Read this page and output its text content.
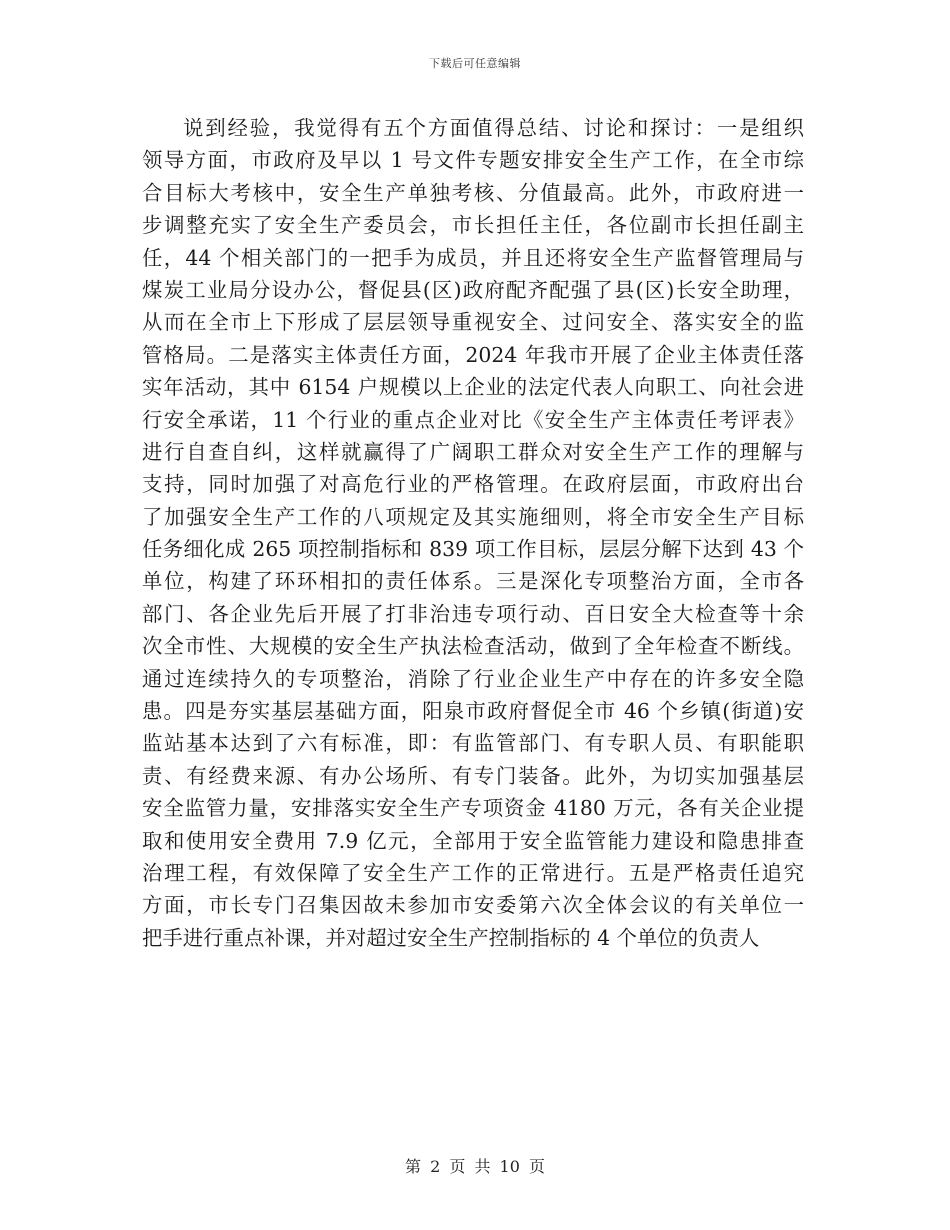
下载后可任意编辑
说到经验，我觉得有五个方面值得总结、讨论和探讨：一是组织
领导方面，市政府及早以 1 号文件专题安排安全生产工作，在全市综
合目标大考核中，安全生产单独考核、分值最高。此外，市政府进一
步调整充实了安全生产委员会，市长担任主任，各位副市长担任副主
任，44 个相关部门的一把手为成员，并且还将安全生产监督管理局与
煤炭工业局分设办公，督促县(区)政府配齐配强了县(区)长安全助理，
从而在全市上下形成了层层领导重视安全、过问安全、落实安全的监
管格局。二是落实主体责任方面，2024 年我市开展了企业主体责任落
实年活动，其中 6154 户规模以上企业的法定代表人向职工、向社会进
行安全承诺，11 个行业的重点企业对比《安全生产主体责任考评表》
进行自查自纠，这样就赢得了广阔职工群众对安全生产工作的理解与
支持，同时加强了对高危行业的严格管理。在政府层面，市政府出台
了加强安全生产工作的八项规定及其实施细则，将全市安全生产目标
任务细化成 265 项控制指标和 839 项工作目标，层层分解下达到 43 个
单位，构建了环环相扣的责任体系。三是深化专项整治方面，全市各
部门、各企业先后开展了打非治违专项行动、百日安全大检查等十余
次全市性、大规模的安全生产执法检查活动，做到了全年检查不断线。
通过连续持久的专项整治，消除了行业企业生产中存在的许多安全隐
患。四是夯实基层基础方面，阳泉市政府督促全市 46 个乡镇(街道)安
监站基本达到了六有标准，即：有监管部门、有专职人员、有职能职
责、有经费来源、有办公场所、有专门装备。此外，为切实加强基层
安全监管力量，安排落实安全生产专项资金 4180 万元，各有关企业提
取和使用安全费用 7.9 亿元，全部用于安全监管能力建设和隐患排查
治理工程，有效保障了安全生产工作的正常进行。五是严格责任追究
方面，市长专门召集因故未参加市安委第六次全体会议的有关单位一
把手进行重点补课，并对超过安全生产控制指标的 4 个单位的负责人
第 2 页 共 10 页
